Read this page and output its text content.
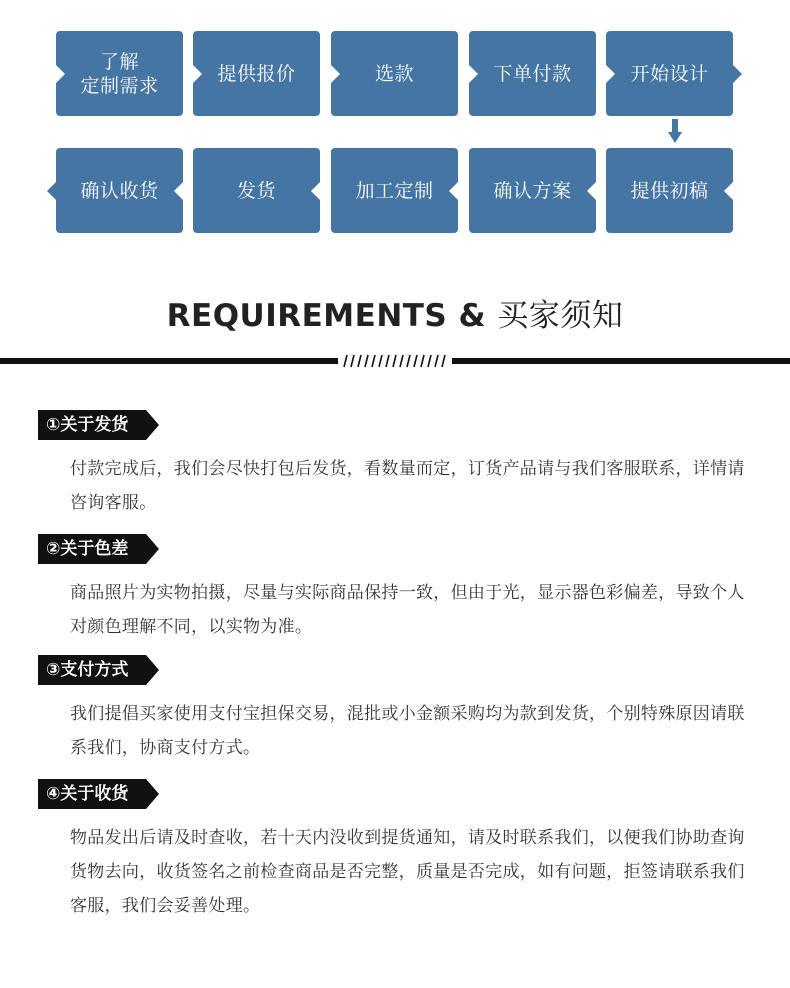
了解
定制需求
提供报价	选款	下单付款	开始设计
确认收货	发货	加工定制	确认方案	提供初稿
REQUIREMENTS & 买家须知
①关于发货
付款完成后，我们会尽快打包后发货，看数量而定，订货产品请与我们客服联系，详情请咨询客服。
②关于色差
商品照片为实物拍摄，尽量与实际商品保持一致，但由于光，显示器色彩偏差，导致个人对颜色理解不同，以实物为准。
③支付方式
我们提倡买家使用支付宝担保交易，混批或小金额采购均为款到发货，个别特殊原因请联系我们，协商支付方式。
④关于收货
物品发出后请及时查收，若十天内没收到提货通知，请及时联系我们，以便我们协助查询货物去向，收货签名之前检查商品是否完整，质量是否完成，如有问题，拒签请联系我们客服，我们会妥善处理。
